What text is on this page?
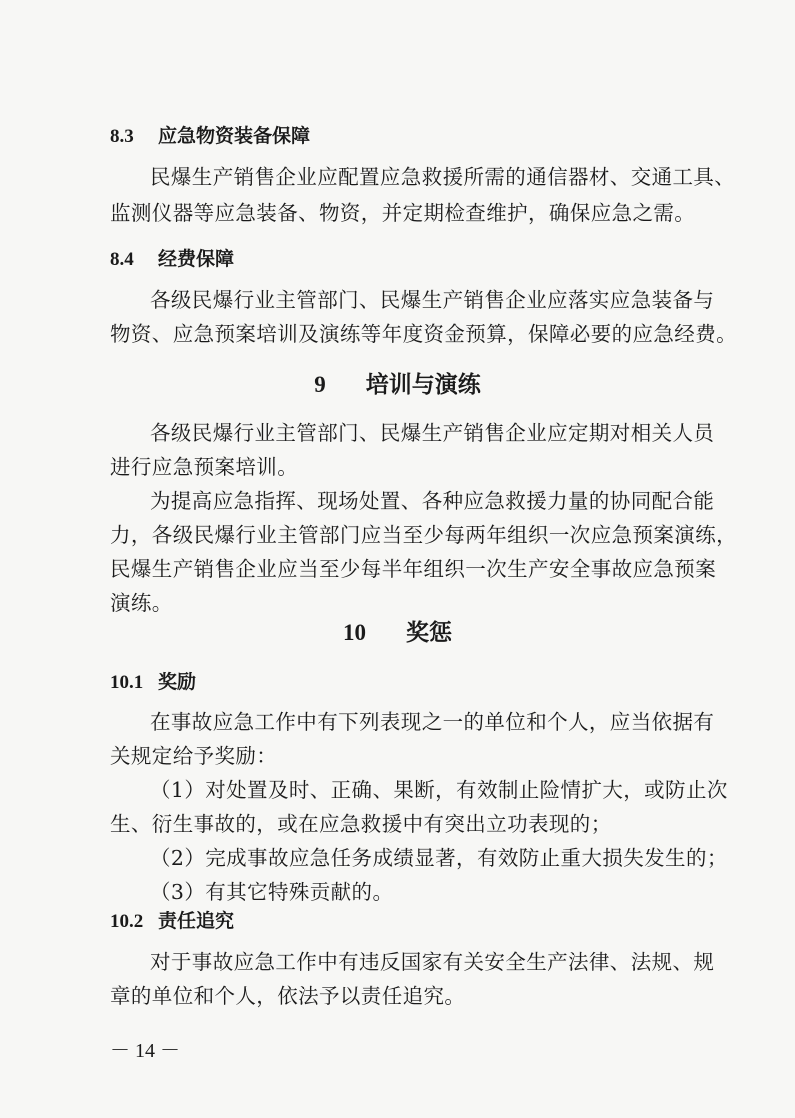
8.3 应急物资装备保障
民爆生产销售企业应配置应急救援所需的通信器材、交通工具、
监测仪器等应急装备、物资，并定期检查维护，确保应急之需。
8.4 经费保障
各级民爆行业主管部门、民爆生产销售企业应落实应急装备与
物资、应急预案培训及演练等年度资金预算，保障必要的应急经费。
9 培训与演练
各级民爆行业主管部门、民爆生产销售企业应定期对相关人员
进行应急预案培训。
为提高应急指挥、现场处置、各种应急救援力量的协同配合能
力，各级民爆行业主管部门应当至少每两年组织一次应急预案演练，
民爆生产销售企业应当至少每半年组织一次生产安全事故应急预案
演练。
10 奖惩
10.1 奖励
在事故应急工作中有下列表现之一的单位和个人，应当依据有
关规定给予奖励：
（1）对处置及时、正确、果断，有效制止险情扩大，或防止次
生、衍生事故的，或在应急救援中有突出立功表现的；
（2）完成事故应急任务成绩显著，有效防止重大损失发生的；
（3）有其它特殊贡献的。
10.2 责任追究
对于事故应急工作中有违反国家有关安全生产法律、法规、规
章的单位和个人，依法予以责任追究。
－ 14 －
